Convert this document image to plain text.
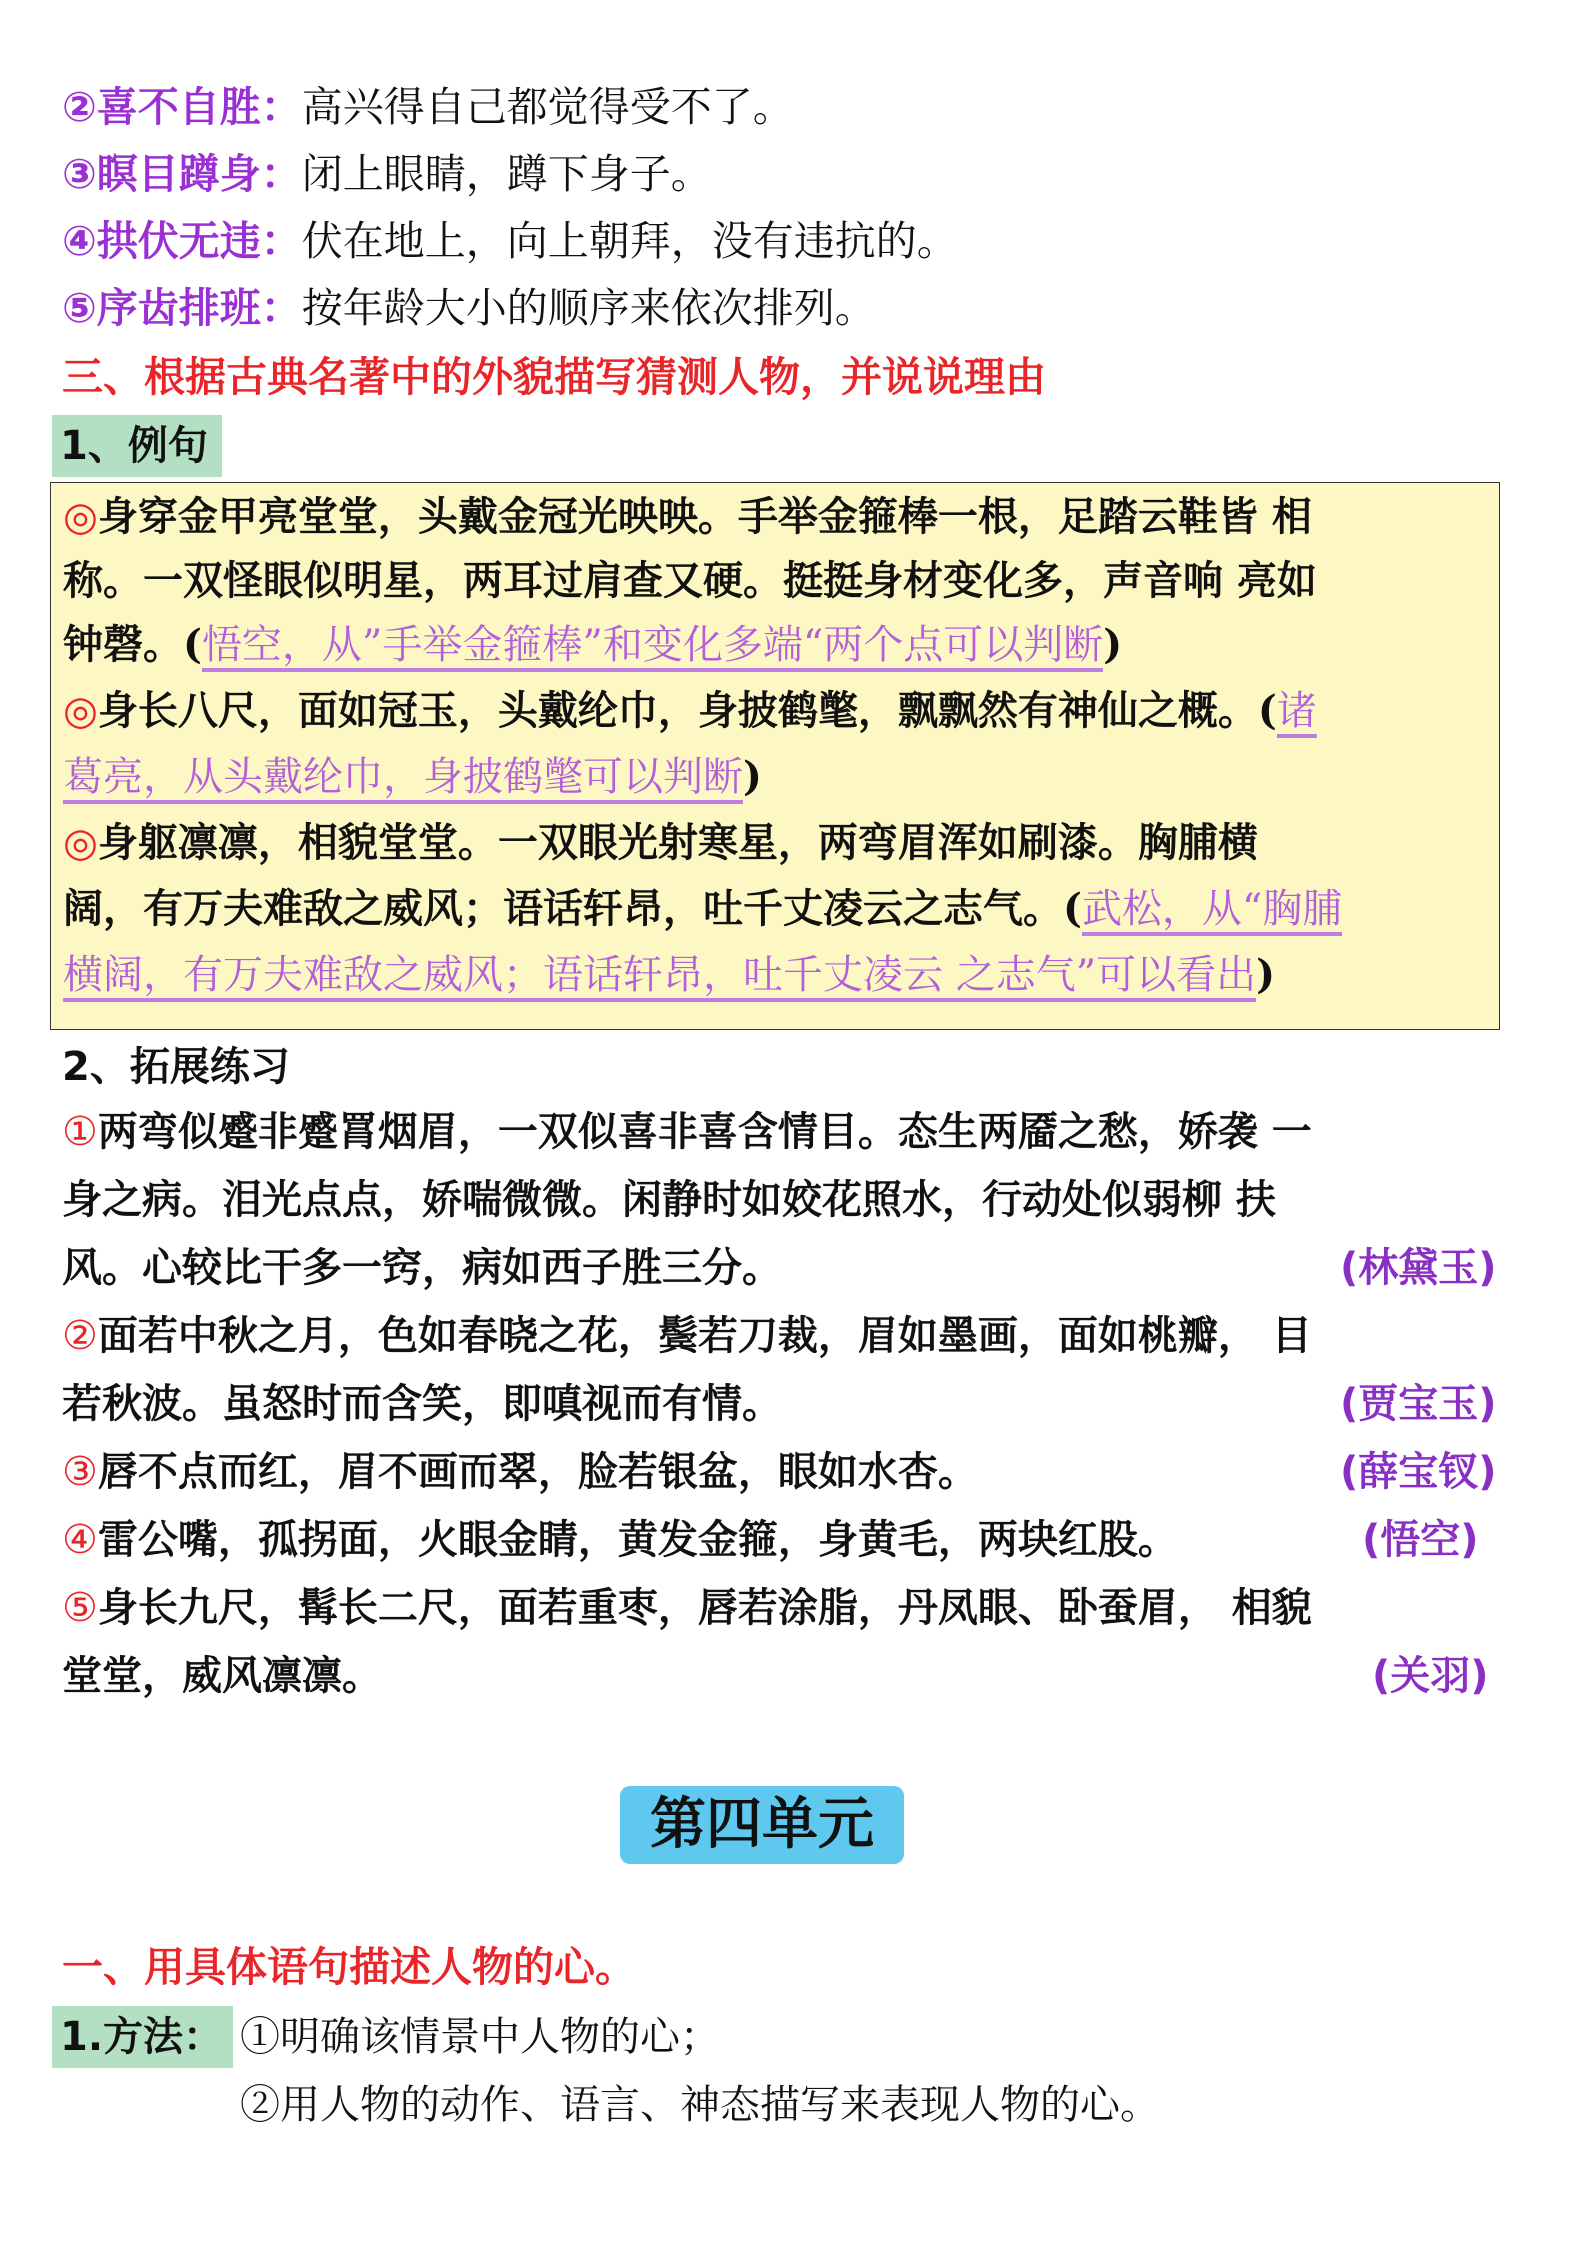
②喜不自胜：高兴得自己都觉得受不了。
③瞑目蹲身：闭上眼睛，蹲下身子。
④拱伏无违：伏在地上，向上朝拜，没有违抗的。
⑤序齿排班：按年龄大小的顺序来依次排列。
三、根据古典名著中的外貌描写猜测人物，并说说理由
1、例句
◎身穿金甲亮堂堂，头戴金冠光映映。手举金箍棒一根，足踏云鞋皆 相
称。一双怪眼似明星，两耳过肩查又硬。挺挺身材变化多，声音响 亮如
钟磬。(悟空，从”手举金箍棒”和变化多端“两个点可以判断)
◎身长八尺，面如冠玉，头戴纶巾，身披鹤氅，飘飘然有神仙之概。(诸
葛亮，从头戴纶巾，身披鹤氅可以判断)
◎身躯凛凛，相貌堂堂。一双眼光射寒星，两弯眉浑如刷漆。胸脯横
阔，有万夫难敌之威风；语话轩昂，吐千丈凌云之志气。(武松，从“胸脯
横阔，有万夫难敌之威风；语话轩昂，吐千丈凌云 之志气”可以看出)
2、拓展练习
①两弯似蹙非蹙罥烟眉，一双似喜非喜含情目。态生两靥之愁，娇袭 一
身之病。泪光点点，娇喘微微。闲静时如姣花照水，行动处似弱柳 扶
风。心较比干多一窍，病如西子胜三分。	(林黛玉)
②面若中秋之月，色如春晓之花，鬓若刀裁，眉如墨画，面如桃瓣， 目
若秋波。虽怒时而含笑，即嗔视而有情。	(贾宝玉)
③唇不点而红，眉不画而翠，脸若银盆，眼如水杏。	(薛宝钗)
④雷公嘴，孤拐面，火眼金睛，黄发金箍，身黄毛，两块红股。	(悟空)
⑤身长九尺，髯长二尺，面若重枣，唇若涂脂，丹凤眼、卧蚕眉， 相貌
堂堂，威风凛凛。	(关羽)
第四单元
一、用具体语句描述人物的心。
1.方法： ①明确该情景中人物的心；
②用人物的动作、语言、神态描写来表现人物的心。
